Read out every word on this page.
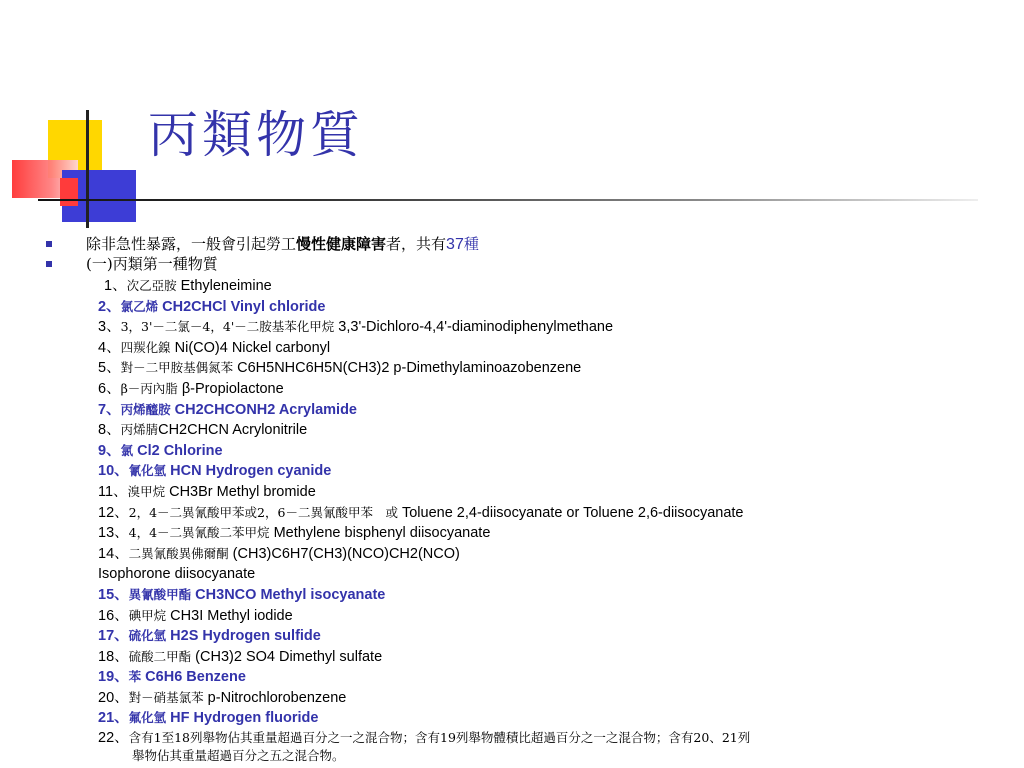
丙類物質
除非急性暴露，一般會引起勞工慢性健康障害者，共有37種
(一)丙類第一種物質
1、次乙亞胺 Ethyleneimine
2、氯乙烯 CH2CHCl Vinyl chloride
3、3，3'－二氯－4，4'－二胺基苯化甲烷 3,3'-Dichloro-4,4'-diaminodiphenylmethane
4、四羰化鎳 Ni(CO)4 Nickel carbonyl
5、對－二甲胺基偶氮苯 C6H5NHC6H5N(CH3)2 p-Dimethylaminoazobenzene
6、β－丙內脂 β-Propiolactone
7、丙烯醯胺 CH2CHCONH2 Acrylamide
8、丙烯腈CH2CHCN Acrylonitrile
9、氯 Cl2 Chlorine
10、氰化氫 HCN Hydrogen cyanide
11、溴甲烷 CH3Br Methyl bromide
12、2，4－二異氰酸甲苯或2，6－二異氰酸甲苯　或 Toluene 2,4-diisocyanate or Toluene 2,6-diisocyanate
13、4，4－二異氰酸二苯甲烷 Methylene bisphenyl diisocyanate
14、二異氰酸異佛爾酮 (CH3)C6H7(CH3)(NCO)CH2(NCO)
Isophorone diisocyanate
15、異氰酸甲酯 CH3NCO Methyl isocyanate
16、碘甲烷 CH3I Methyl iodide
17、硫化氫 H2S Hydrogen sulfide
18、硫酸二甲酯 (CH3)2 SO4 Dimethyl sulfate
19、苯 C6H6 Benzene
20、對－硝基氯苯 p-Nitrochlorobenzene
21、氟化氫 HF Hydrogen fluoride
22、含有1至18列舉物佔其重量超過百分之一之混合物；含有19列舉物體積比超過百分之一之混合物；含有20、21列
舉物佔其重量超過百分之五之混合物。
